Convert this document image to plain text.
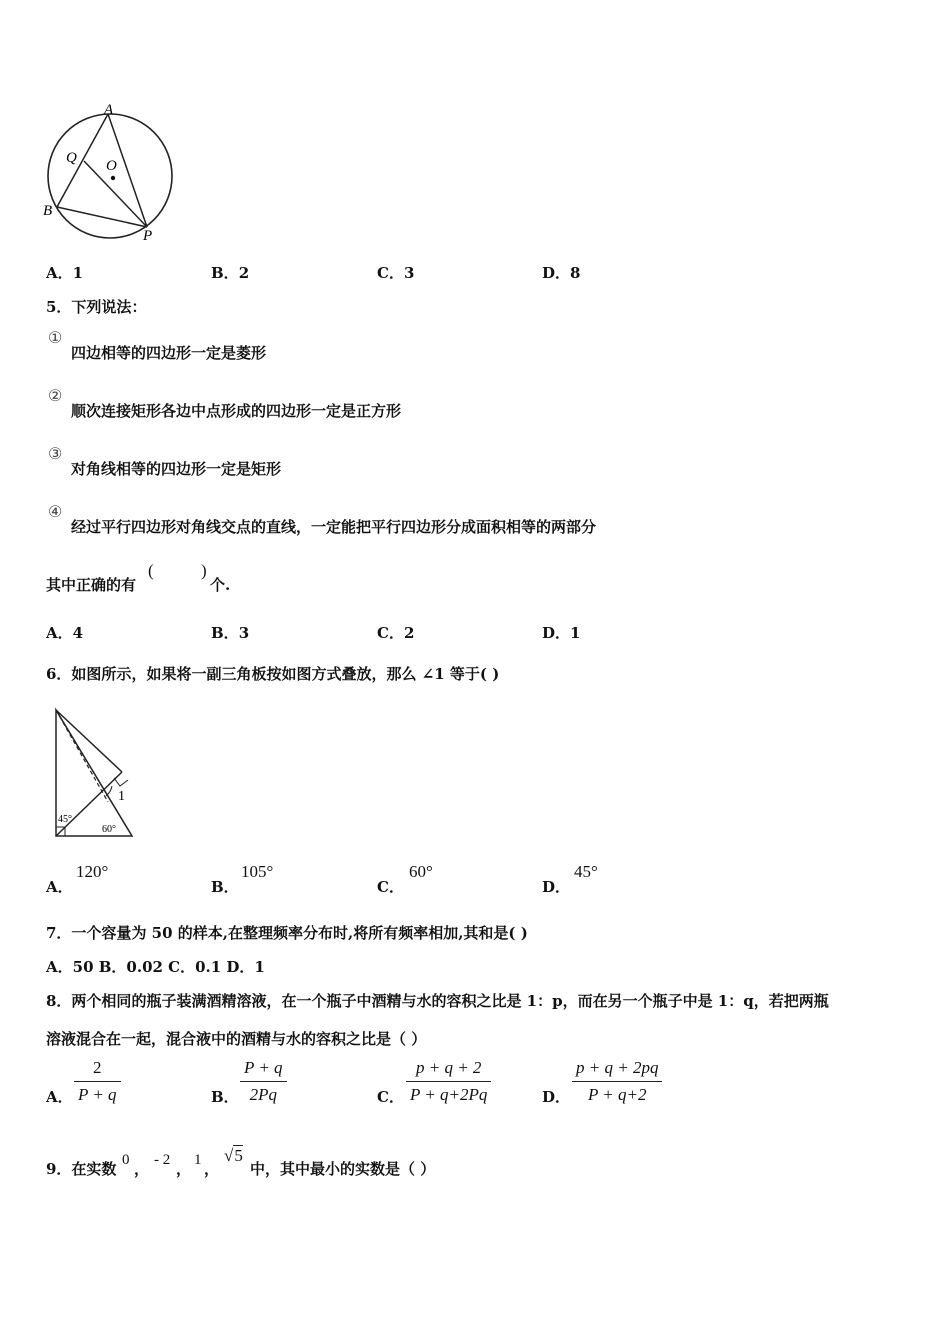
A
Q O
B
P
A．1	B．2	C．3	D．8
5．下列说法：
①
四边相等的四边形一定是菱形
②
顺次连接矩形各边中点形成的四边形一定是正方形
③
对角线相等的四边形一定是矩形
④
经过平行四边形对角线交点的直线，一定能把平行四边形分成面积相等的两部分
其中正确的有
(	)
个.
A．4	B．3	C．2	D．1
6．如图所示，如果将一副三角板按如图方式叠放，那么 ∠1 等于( )
1
45°
60°
A．
120°
B．
105°
C．
60°
D．
45°
7．一个容量为 50 的样本,在整理频率分布时,将所有频率相加,其和是( )
A．50 B．0.02 C．0.1 D．1
8．两个相同的瓶子装满酒精溶液，在一个瓶子中酒精与水的容积之比是 1：p，而在另一个瓶子中是 1：q，若把两瓶
溶液混合在一起，混合液中的酒精与水的容积之比是（ ）
A． $\frac{2}{P + q}$	B． $\frac{P + q}{2Pq}$	C． $\frac{p + q + 2}{P + q+2Pq}$	D． $\frac{p + q + 2pq}{P + q+2}$
9．在实数 0 ， - 2 ， 1 ，
√5
中，其中最小的实数是（ ）
